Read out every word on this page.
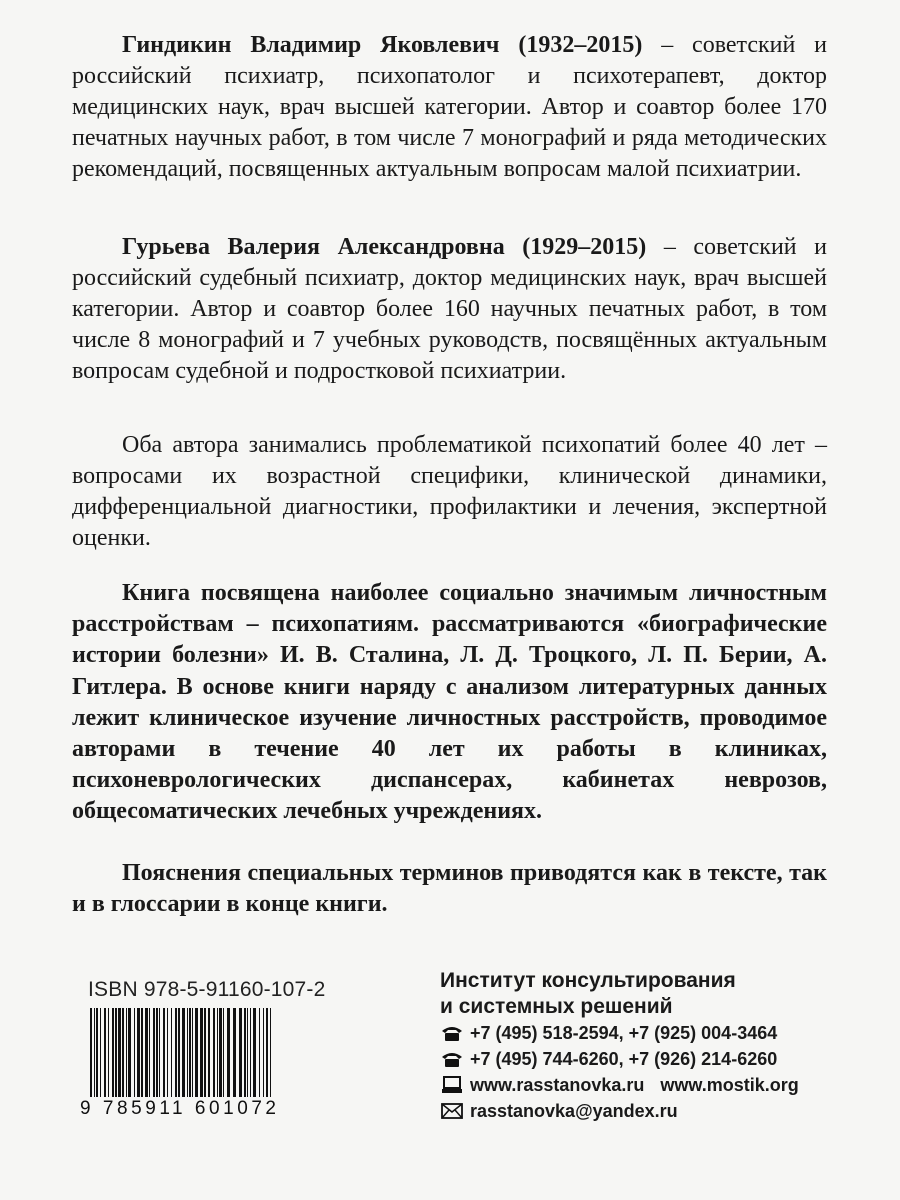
Гиндикин Владимир Яковлевич (1932–2015) – советский и российский психиатр, психопатолог и психотерапевт, доктор медицинских наук, врач высшей категории. Автор и соавтор более 170 печатных научных работ, в том числе 7 монографий и ряда методических рекомендаций, посвященных актуальным вопросам малой психиатрии.

Гурьева Валерия Александровна (1929–2015) – советский и российский судебный психиатр, доктор медицинских наук, врач высшей категории. Автор и соавтор более 160 научных печатных работ, в том числе 8 монографий и 7 учебных руководств, посвящённых актуальным вопросам судебной и подростковой психиатрии.

Оба автора занимались проблематикой психопатий более 40 лет – вопросами их возрастной специфики, клинической динамики, дифференциальной диагностики, профилактики и лечения, экспертной оценки.

Книга посвящена наиболее социально значимым личностным расстройствам – психопатиям. рассматриваются «биографические истории болезни» И. В. Сталина, Л. Д. Троцкого, Л. П. Берии, А. Гитлера. В основе книги наряду с анализом литературных данных лежит клиническое изучение личностных расстройств, проводимое авторами в течение 40 лет их работы в клиниках, психоневрологических диспансерах, кабинетах неврозов, общесоматических лечебных учреждениях.

Пояснения специальных терминов приводятся как в тексте, так и в глоссарии в конце книги.

ISBN 978-5-91160-107-2
9 785911 601072
Институт консультирования
и системных решений
+7 (495) 518-2594, +7 (925) 004-3464
+7 (495) 744-6260, +7 (926) 214-6260
www.rasstanovka.ru www.mostik.org
rasstanovka@yandex.ru
